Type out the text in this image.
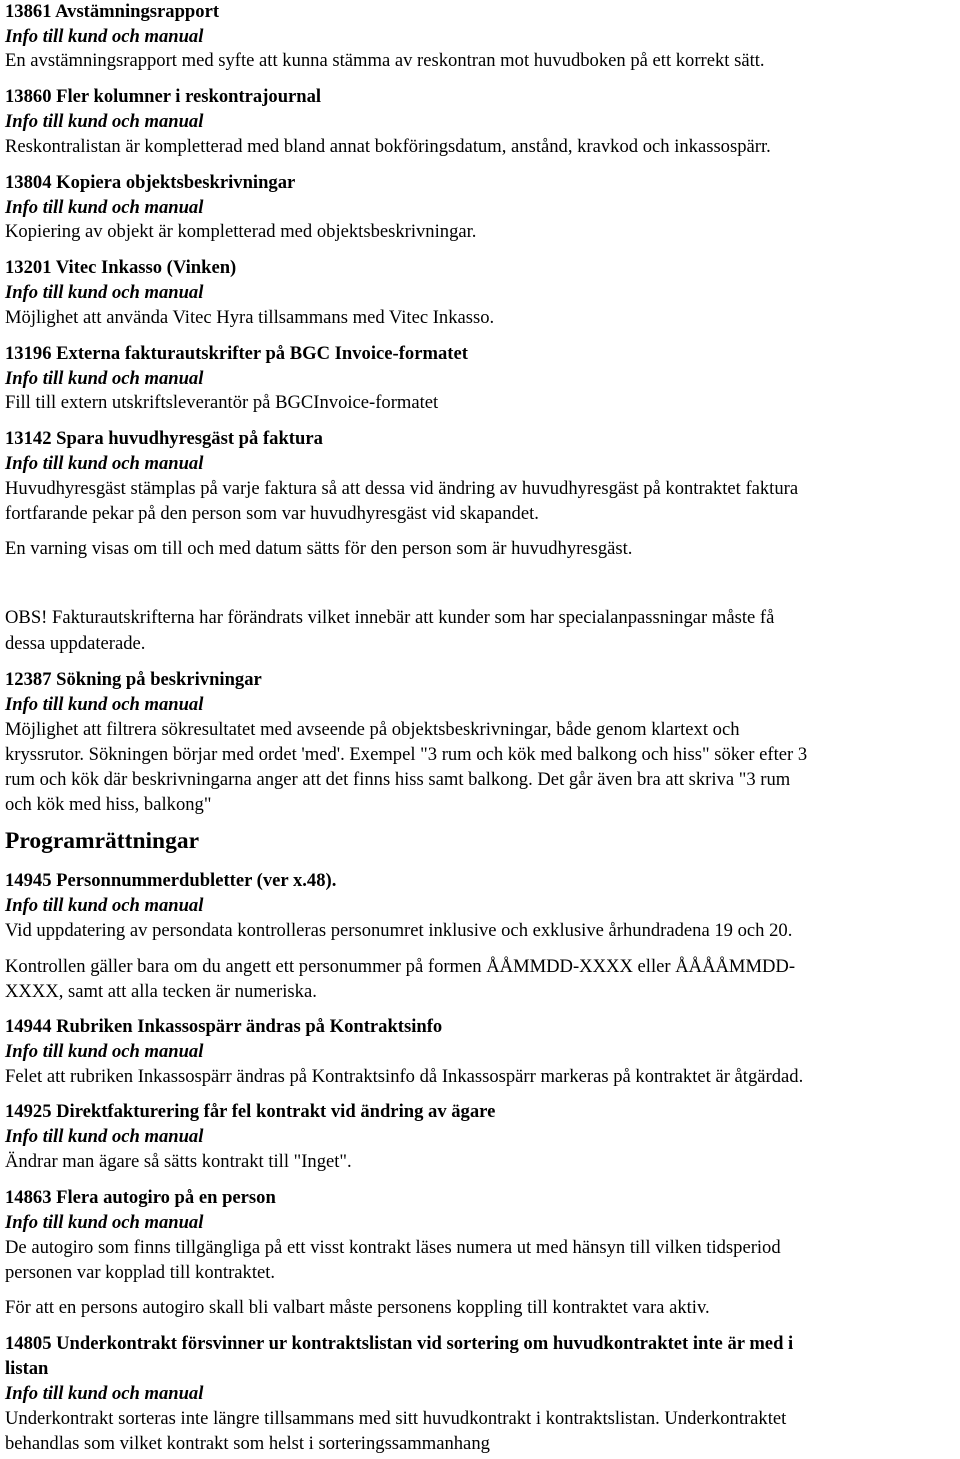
13861 Avstämningsrapport
Info till kund och manual
En avstämningsrapport med syfte att kunna stämma av reskontran mot huvudboken på ett korrekt sätt.
13860 Fler kolumner i reskontrajournal
Info till kund och manual
Reskontralistan är kompletterad med bland annat bokföringsdatum, anstånd, kravkod och inkassospärr.
13804 Kopiera objektsbeskrivningar
Info till kund och manual
Kopiering av objekt är kompletterad med objektsbeskrivningar.
13201 Vitec Inkasso (Vinken)
Info till kund och manual
Möjlighet att använda Vitec Hyra tillsammans med Vitec Inkasso.
13196 Externa fakturautskrifter på BGC Invoice-formatet
Info till kund och manual
Fill till extern utskriftsleverantör på BGCInvoice-formatet
13142 Spara huvudhyresgäst på faktura
Info till kund och manual
Huvudhyresgäst stämplas på varje faktura så att dessa vid ändring av huvudhyresgäst på kontraktet faktura
fortfarande pekar på den person som var huvudhyresgäst vid skapandet.
En varning visas om till och med datum sätts för den person som är huvudhyresgäst.
OBS! Fakturautskrifterna har förändrats vilket innebär att kunder som har specialanpassningar måste få
dessa uppdaterade.
12387 Sökning på beskrivningar
Info till kund och manual
Möjlighet att filtrera sökresultatet med avseende på objektsbeskrivningar, både genom klartext och
kryssrutor. Sökningen börjar med ordet 'med'. Exempel "3 rum och kök med balkong och hiss" söker efter 3
rum och kök där beskrivningarna anger att det finns hiss samt balkong. Det går även bra att skriva "3 rum
och kök med hiss, balkong"
Programrättningar
14945 Personnummerdubletter (ver x.48).
Info till kund och manual
Vid uppdatering av persondata kontrolleras personumret inklusive och exklusive århundradena 19 och 20.
Kontrollen gäller bara om du angett ett personummer på formen ÅÅMMDD-XXXX eller ÅÅÅÅMMDD-
XXXX, samt att alla tecken är numeriska.
14944 Rubriken Inkassospärr ändras på Kontraktsinfo
Info till kund och manual
Felet att rubriken Inkassospärr ändras på Kontraktsinfo då Inkassospärr markeras på kontraktet är åtgärdad.
14925 Direktfakturering får fel kontrakt vid ändring av ägare
Info till kund och manual
Ändrar man ägare så sätts kontrakt till "Inget".
14863 Flera autogiro på en person
Info till kund och manual
De autogiro som finns tillgängliga på ett visst kontrakt läses numera ut med hänsyn till vilken tidsperiod
personen var kopplad till kontraktet.
För att en persons autogiro skall bli valbart måste personens koppling till kontraktet vara aktiv.
14805 Underkontrakt försvinner ur kontraktslistan vid sortering om huvudkontraktet inte är med i
listan
Info till kund och manual
Underkontrakt sorteras inte längre tillsammans med sitt huvudkontrakt i kontraktslistan. Underkontraktet
behandlas som vilket kontrakt som helst i sorteringssammanhang
